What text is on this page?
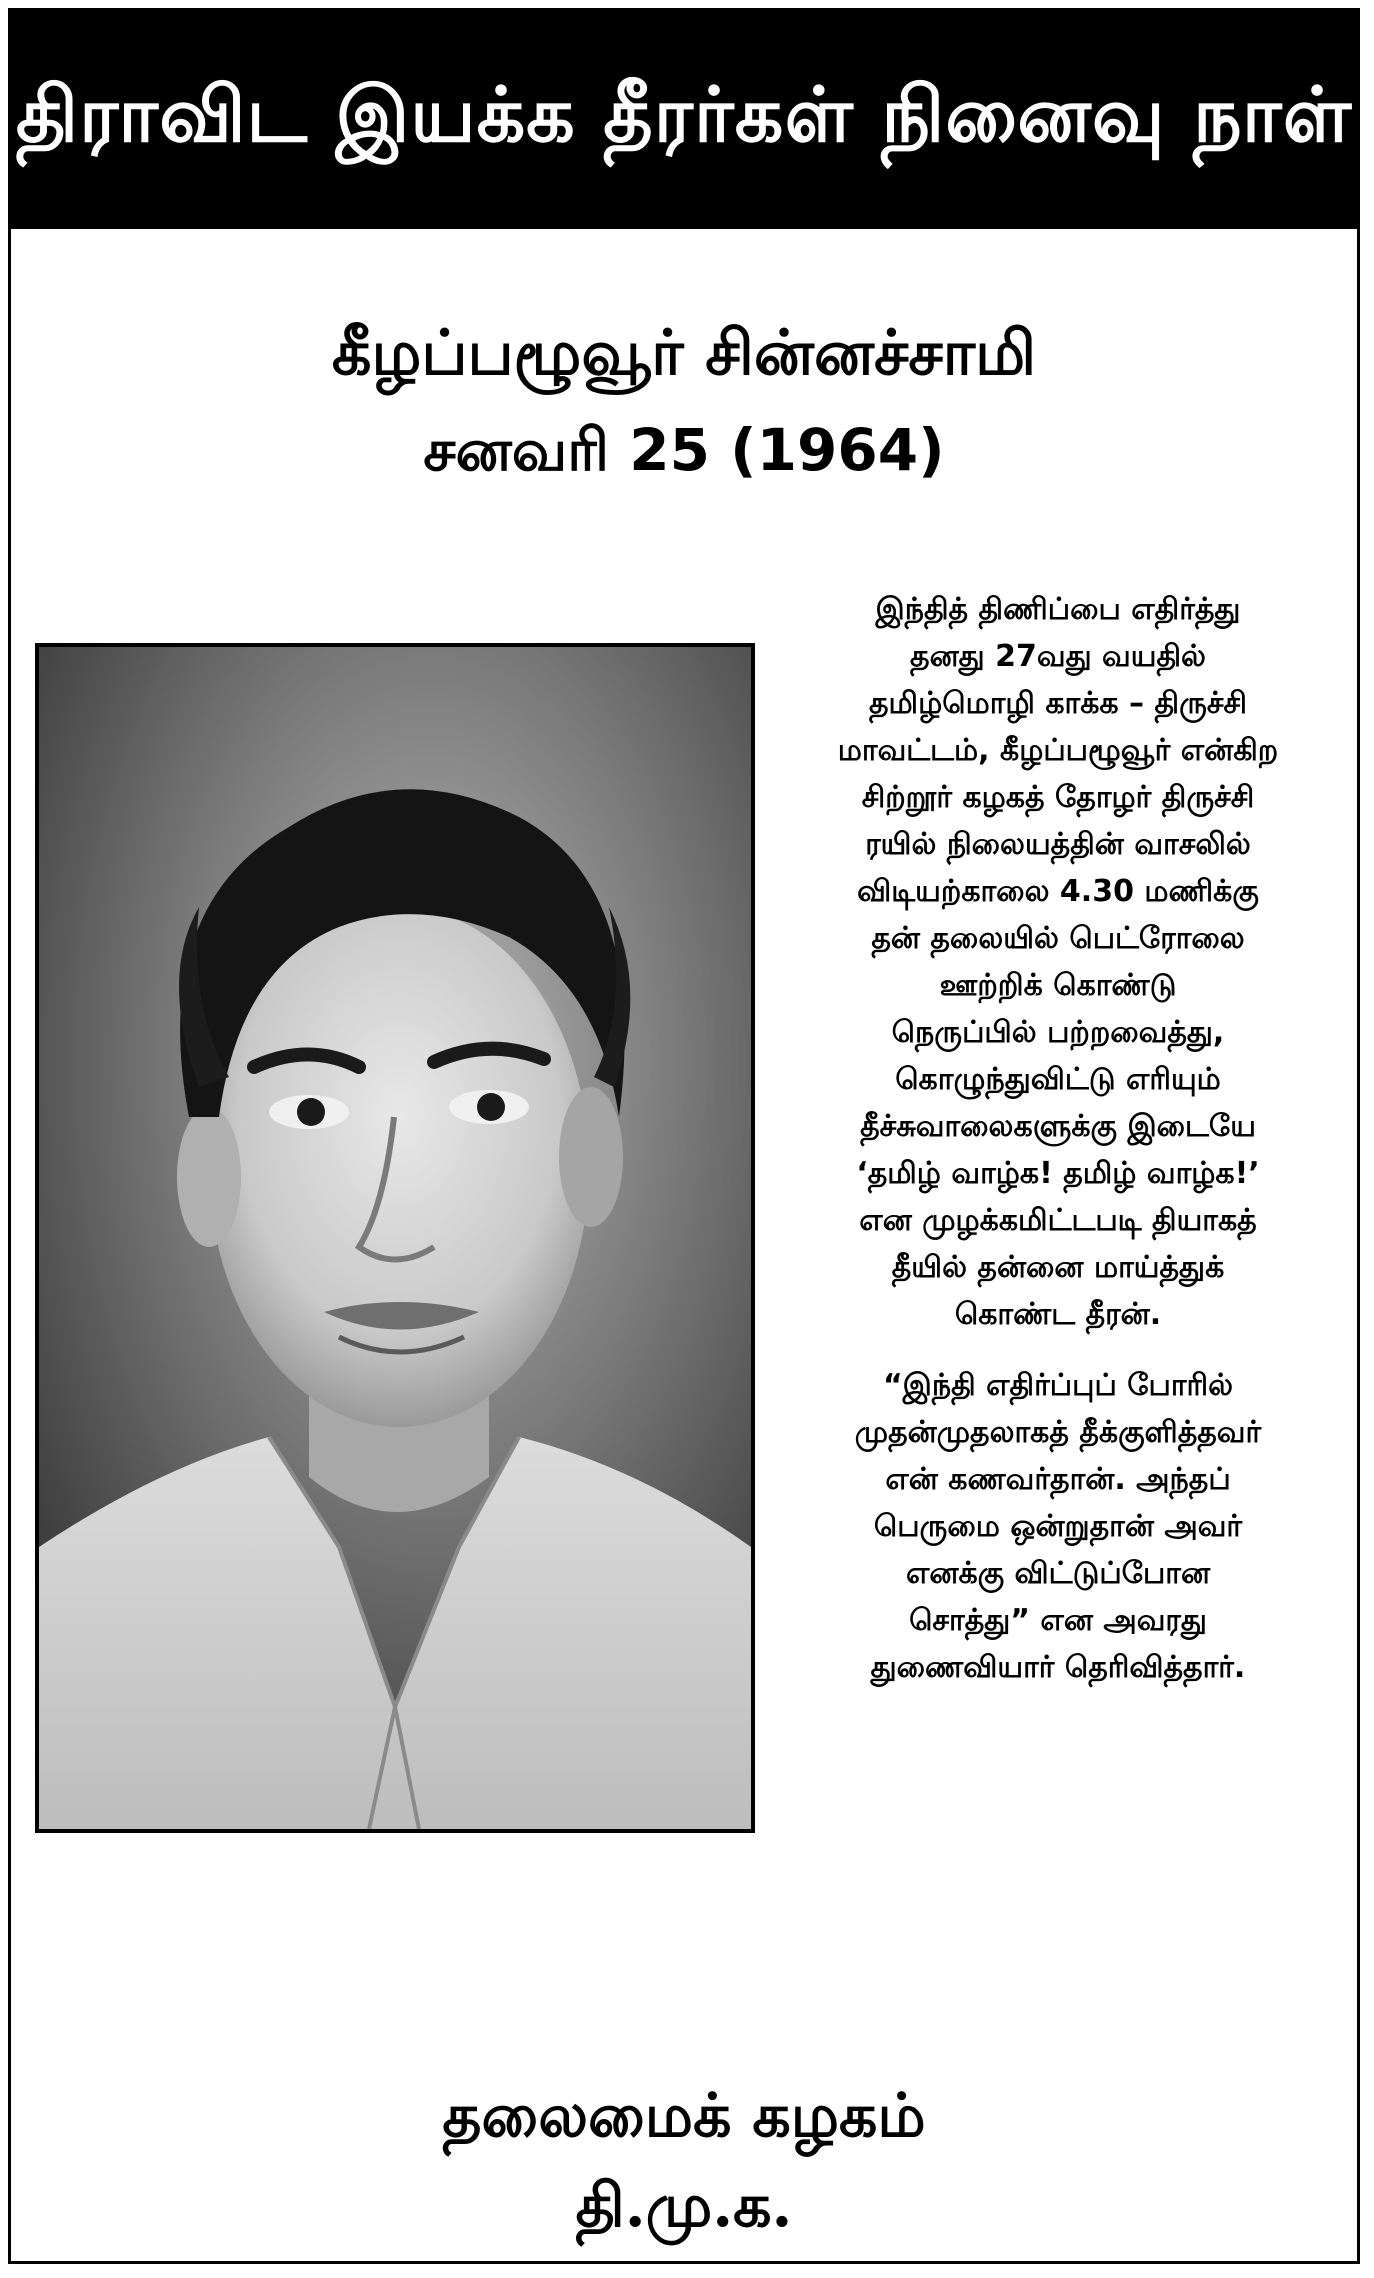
திராவிட இயக்க தீரர்கள் நினைவு நாள்
கீழப்பழூவூர் சின்னச்சாமி
சனவரி 25 (1964)
இந்தித் திணிப்பை எதிர்த்து
தனது 27வது வயதில்
தமிழ்மொழி காக்க – திருச்சி
மாவட்டம், கீழப்பழூவூர் என்கிற
சிற்றூர் கழகத் தோழர் திருச்சி
ரயில் நிலையத்தின் வாசலில்
விடியற்காலை 4.30 மணிக்கு
தன் தலையில் பெட்ரோலை
ஊற்றிக் கொண்டு
நெருப்பில் பற்றவைத்து,
கொழுந்துவிட்டு எரியும்
தீச்சுவாலைகளுக்கு இடையே
‘தமிழ் வாழ்க! தமிழ் வாழ்க!’
என முழக்கமிட்டபடி தியாகத்
தீயில் தன்னை மாய்த்துக்
கொண்ட தீரன்.
“இந்தி எதிர்ப்புப் போரில்
முதன்முதலாகத் தீக்குளித்தவர்
என் கணவர்தான். அந்தப்
பெருமை ஒன்றுதான் அவர்
எனக்கு விட்டுப்போன
சொத்து” என அவரது
துணைவியார் தெரிவித்தார்.
தலைமைக் கழகம்
தி.மு.க.
